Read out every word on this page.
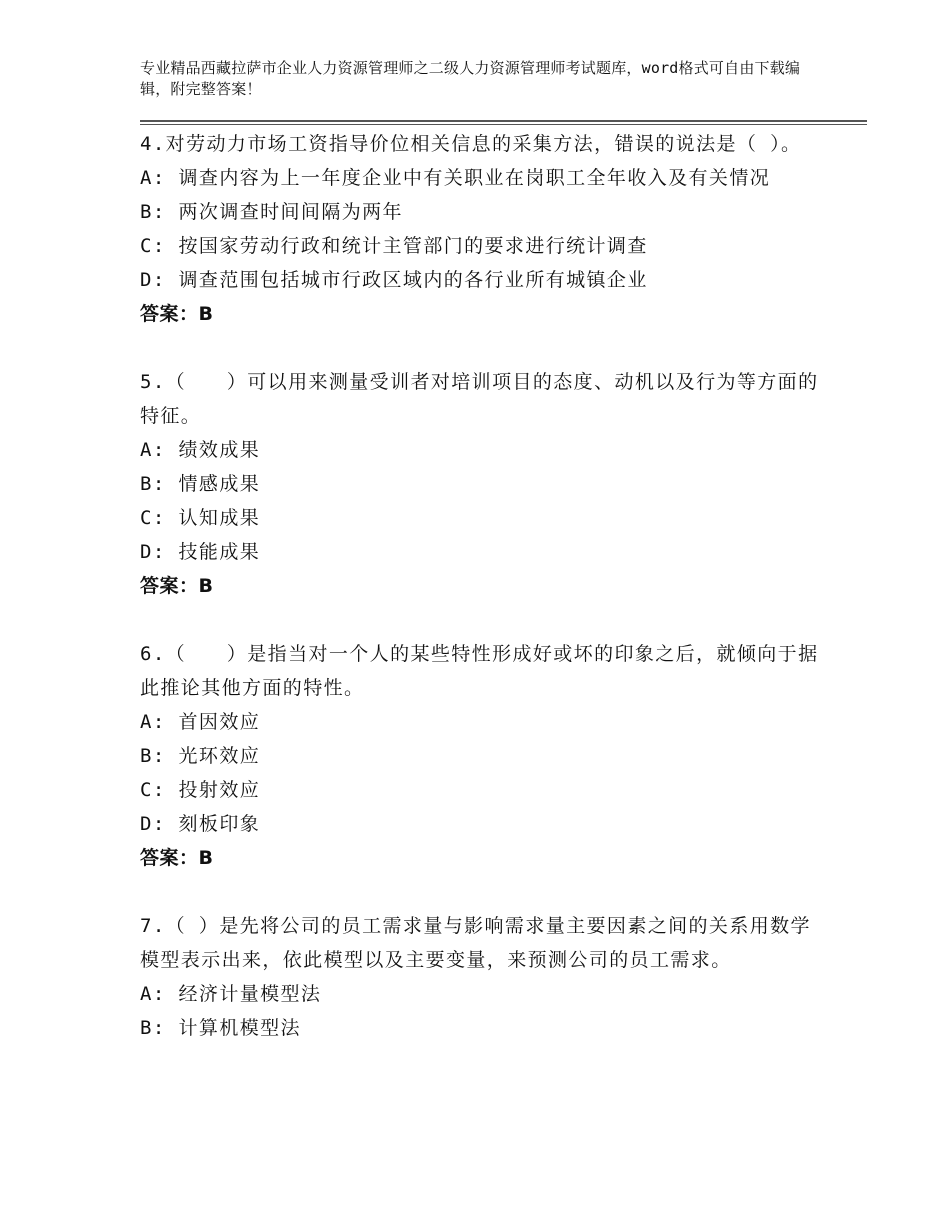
专业精品西藏拉萨市企业人力资源管理师之二级人力资源管理师考试题库，word格式可自由下载编辑，附完整答案！
4.对劳动力市场工资指导价位相关信息的采集方法，错误的说法是（ ）。
A: 调查内容为上一年度企业中有关职业在岗职工全年收入及有关情况
B: 两次调查时间间隔为两年
C: 按国家劳动行政和统计主管部门的要求进行统计调查
D: 调查范围包括城市行政区域内的各行业所有城镇企业
答案：B
5.（　　）可以用来测量受训者对培训项目的态度、动机以及行为等方面的特征。
A: 绩效成果
B: 情感成果
C: 认知成果
D: 技能成果
答案：B
6.（　　）是指当对一个人的某些特性形成好或坏的印象之后，就倾向于据此推论其他方面的特性。
A: 首因效应
B: 光环效应
C: 投射效应
D: 刻板印象
答案：B
7.（ ）是先将公司的员工需求量与影响需求量主要因素之间的关系用数学模型表示出来，依此模型以及主要变量，来预测公司的员工需求。
A: 经济计量模型法
B: 计算机模型法
